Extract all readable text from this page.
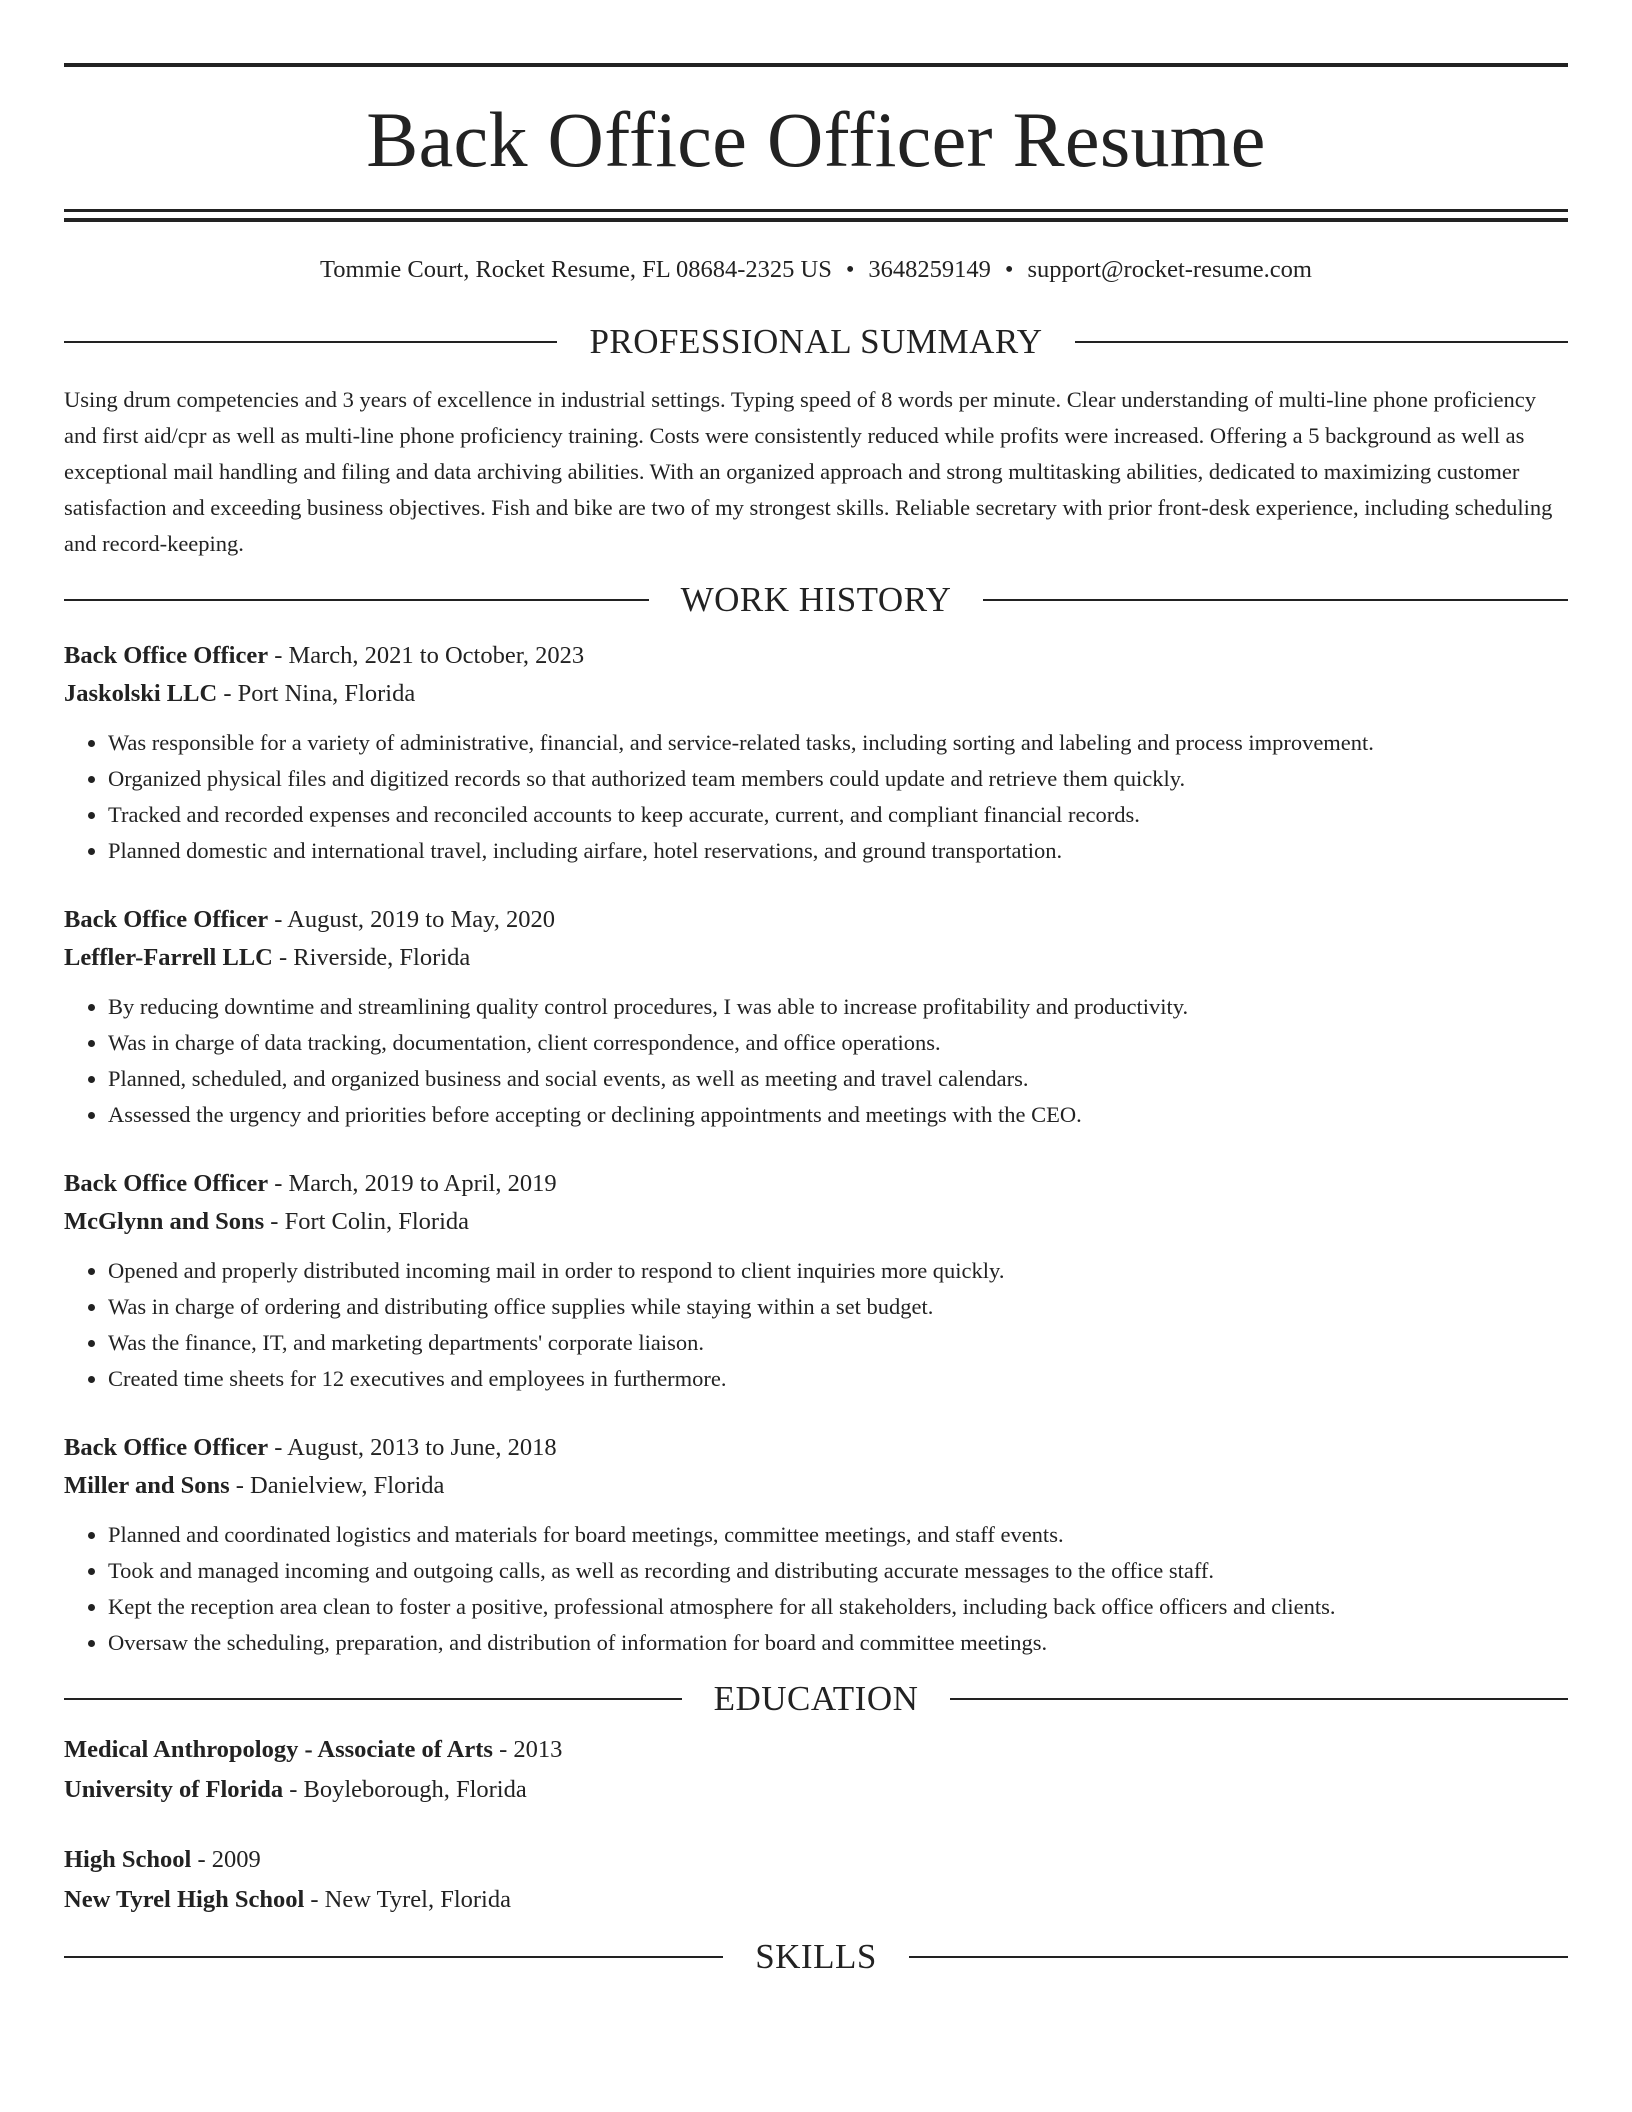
Back Office Officer Resume
Tommie Court, Rocket Resume, FL 08684-2325 US • 3648259149 • support@rocket-resume.com
PROFESSIONAL SUMMARY

Using drum competencies and 3 years of excellence in industrial settings. Typing speed of 8 words per minute. Clear understanding of multi-line phone proficiency and first aid/cpr as well as multi-line phone proficiency training. Costs were consistently reduced while profits were increased. Offering a 5 background as well as exceptional mail handling and filing and data archiving abilities. With an organized approach and strong multitasking abilities, dedicated to maximizing customer satisfaction and exceeding business objectives. Fish and bike are two of my strongest skills. Reliable secretary with prior front-desk experience, including scheduling and record-keeping.

WORK HISTORY
Back Office Officer - March, 2021 to October, 2023
Jaskolski LLC - Port Nina, Florida
• Was responsible for a variety of administrative, financial, and service-related tasks, including sorting and labeling and process improvement.
• Organized physical files and digitized records so that authorized team members could update and retrieve them quickly.
• Tracked and recorded expenses and reconciled accounts to keep accurate, current, and compliant financial records.
• Planned domestic and international travel, including airfare, hotel reservations, and ground transportation.
Back Office Officer - August, 2019 to May, 2020
Leffler-Farrell LLC - Riverside, Florida
• By reducing downtime and streamlining quality control procedures, I was able to increase profitability and productivity.
• Was in charge of data tracking, documentation, client correspondence, and office operations.
• Planned, scheduled, and organized business and social events, as well as meeting and travel calendars.
• Assessed the urgency and priorities before accepting or declining appointments and meetings with the CEO.
Back Office Officer - March, 2019 to April, 2019
McGlynn and Sons - Fort Colin, Florida
• Opened and properly distributed incoming mail in order to respond to client inquiries more quickly.
• Was in charge of ordering and distributing office supplies while staying within a set budget.
• Was the finance, IT, and marketing departments' corporate liaison.
• Created time sheets for 12 executives and employees in furthermore.
Back Office Officer - August, 2013 to June, 2018
Miller and Sons - Danielview, Florida
• Planned and coordinated logistics and materials for board meetings, committee meetings, and staff events.
• Took and managed incoming and outgoing calls, as well as recording and distributing accurate messages to the office staff.
• Kept the reception area clean to foster a positive, professional atmosphere for all stakeholders, including back office officers and clients.
• Oversaw the scheduling, preparation, and distribution of information for board and committee meetings.
EDUCATION
Medical Anthropology - Associate of Arts - 2013
University of Florida - Boyleborough, Florida
High School - 2009
New Tyrel High School - New Tyrel, Florida
SKILLS
